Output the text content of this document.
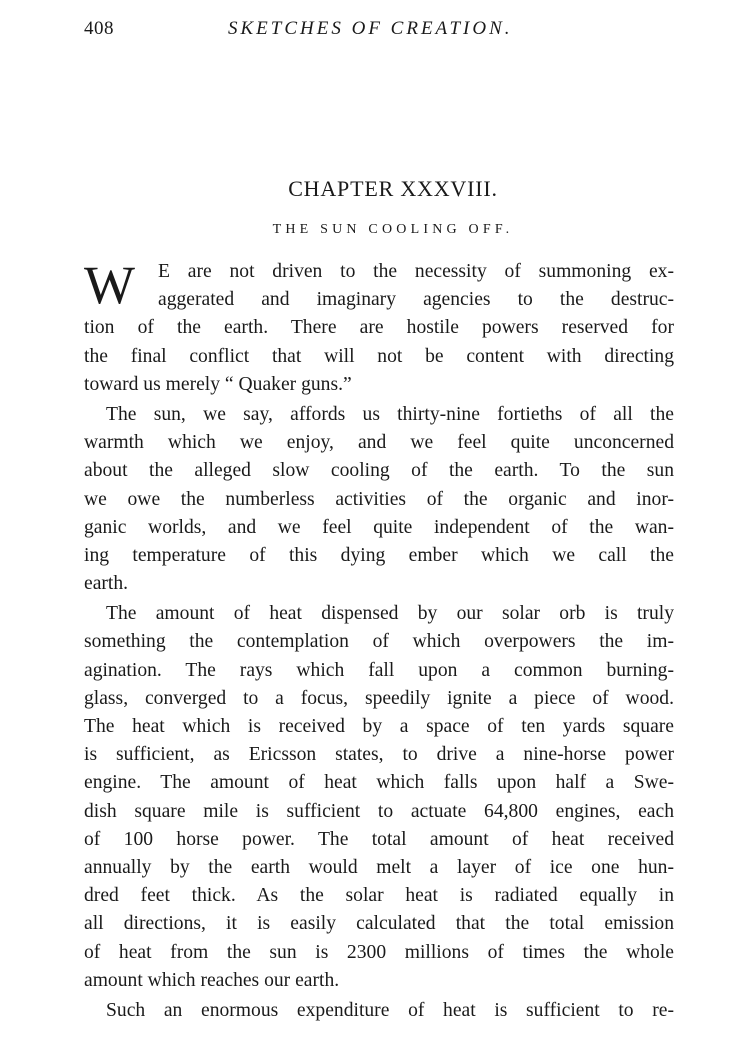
408	SKETCHES OF CREATION.
CHAPTER XXXVIII.
THE SUN COOLING OFF.
W	E are not driven to the necessity of summoning ex-
aggerated and imaginary agencies to the destruc-
tion of the earth. There are hostile powers reserved for
the final conflict that will not be content with directing
toward us merely “ Quaker guns.”
The sun, we say, affords us thirty-nine fortieths of all the
warmth which we enjoy, and we feel quite unconcerned
about the alleged slow cooling of the earth. To the sun
we owe the numberless activities of the organic and inor-
ganic worlds, and we feel quite independent of the wan-
ing temperature of this dying ember which we call the
earth.
The amount of heat dispensed by our solar orb is truly
something the contemplation of which overpowers the im-
agination. The rays which fall upon a common burning-
glass, converged to a focus, speedily ignite a piece of wood.
The heat which is received by a space of ten yards square
is sufficient, as Ericsson states, to drive a nine-horse power
engine. The amount of heat which falls upon half a Swe-
dish square mile is sufficient to actuate 64,800 engines, each
of 100 horse power. The total amount of heat received
annually by the earth would melt a layer of ice one hun-
dred feet thick. As the solar heat is radiated equally in
all directions, it is easily calculated that the total emission
of heat from the sun is 2300 millions of times the whole
amount which reaches our earth.
Such an enormous expenditure of heat is sufficient to re-
